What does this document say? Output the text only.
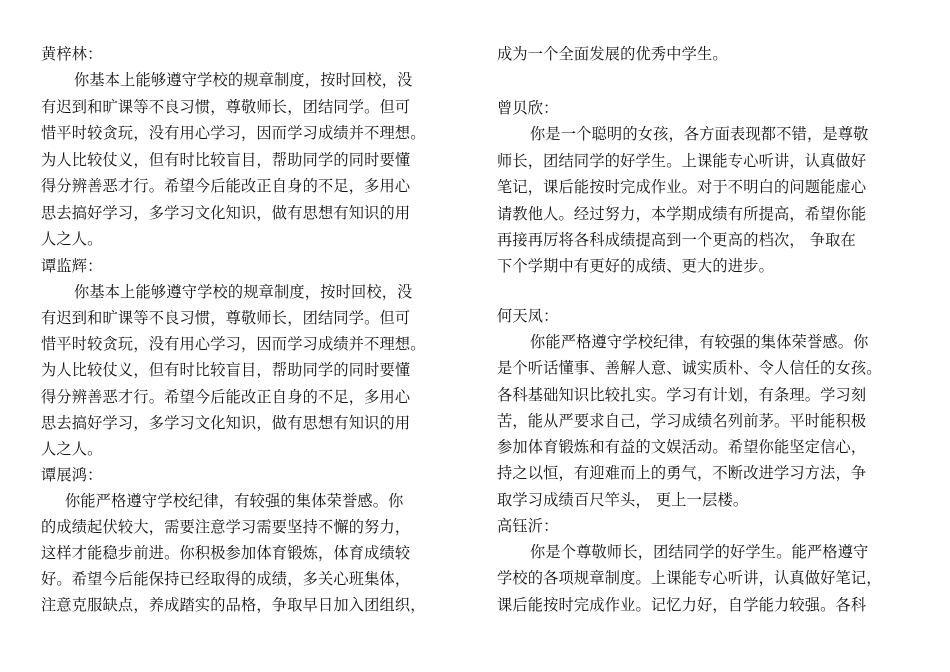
黄梓林：
你基本上能够遵守学校的规章制度，按时回校，没
有迟到和旷课等不良习惯，尊敬师长，团结同学。但可
惜平时较贪玩，没有用心学习，因而学习成绩并不理想。
为人比较仗义，但有时比较盲目，帮助同学的同时要懂
得分辨善恶才行。希望今后能改正自身的不足，多用心
思去搞好学习，多学习文化知识，做有思想有知识的用
人之人。
谭监辉：
你基本上能够遵守学校的规章制度，按时回校，没
有迟到和旷课等不良习惯，尊敬师长，团结同学。但可
惜平时较贪玩，没有用心学习，因而学习成绩并不理想。
为人比较仗义，但有时比较盲目，帮助同学的同时要懂
得分辨善恶才行。希望今后能改正自身的不足，多用心
思去搞好学习，多学习文化知识，做有思想有知识的用
人之人。
谭展鸿：
你能严格遵守学校纪律，有较强的集体荣誉感。你
的成绩起伏较大，需要注意学习需要坚持不懈的努力，
这样才能稳步前进。你积极参加体育锻炼，体育成绩较
好。希望今后能保持已经取得的成绩，多关心班集体，
注意克服缺点，养成踏实的品格，争取早日加入团组织，
成为一个全面发展的优秀中学生。
曾贝欣：
你是一个聪明的女孩，各方面表现都不错，是尊敬
师长，团结同学的好学生。上课能专心听讲，认真做好
笔记，课后能按时完成作业。对于不明白的问题能虚心
请教他人。经过努力，本学期成绩有所提高，希望你能
再接再厉将各科成绩提高到一个更高的档次， 争取在
下个学期中有更好的成绩、更大的进步。
何天凤：
你能严格遵守学校纪律，有较强的集体荣誉感。你
是个听话懂事、善解人意、诚实质朴、令人信任的女孩。
各科基础知识比较扎实。学习有计划，有条理。学习刻
苦，能从严要求自己，学习成绩名列前茅。平时能积极
参加体育锻炼和有益的文娱活动。希望你能坚定信心，
持之以恒，有迎难而上的勇气，不断改进学习方法，争
取学习成绩百尺竿头， 更上一层楼。
高钰沂：
你是个尊敬师长，团结同学的好学生。能严格遵守
学校的各项规章制度。上课能专心听讲，认真做好笔记，
课后能按时完成作业。记忆力好，自学能力较强。各科
